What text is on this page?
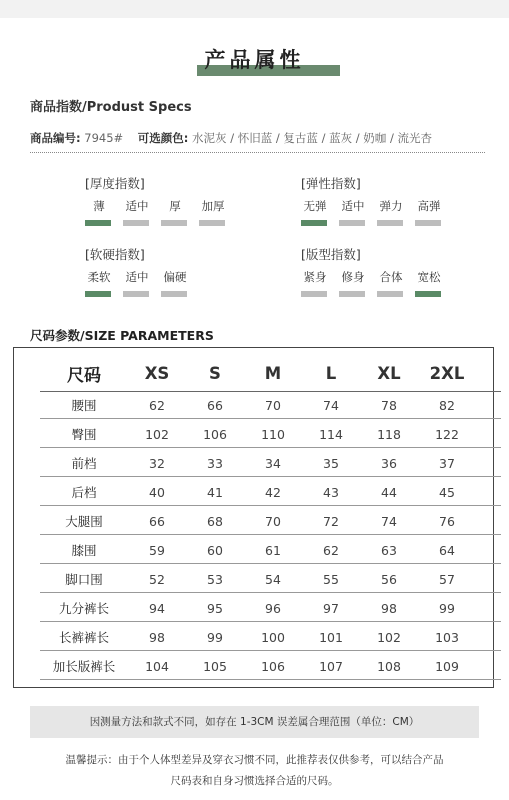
产品属性
商品指数/Produst Specs
商品编号: 7945# 可选颜色: 水泥灰 / 怀旧蓝 / 复古蓝 / 蓝灰 / 奶咖 / 流光杏
[厚度指数]
薄	适中	厚	加厚
[弹性指数]
无弹 适中 弹力 高弹
[软硬指数]
柔软 适中 偏硬
[版型指数]
紧身 修身 合体 宽松
尺码参数/SIZE PARAMETERS
尺码	XS	S	M	L	XL	2XL
腰围	62	66	70	74	78	82
臀围	102	106	110	114	118	122
前档	32	33	34	35	36	37
后档	40	41	42	43	44	45
大腿围	66	68	70	72	74	76
膝围	59	60	61	62	63	64
脚口围	52	53	54	55	56	57
九分裤长	94	95	96	97	98	99
长裤裤长	98	99	100	101	102	103
加长版裤长	104	105	106	107	108	109
因测量方法和款式不同，如存在 1-3CM 误差属合理范围（单位：CM）
温馨提示：由于个人体型差异及穿衣习惯不同，此推荐表仅供参考，可以结合产品
尺码表和自身习惯选择合适的尺码。
